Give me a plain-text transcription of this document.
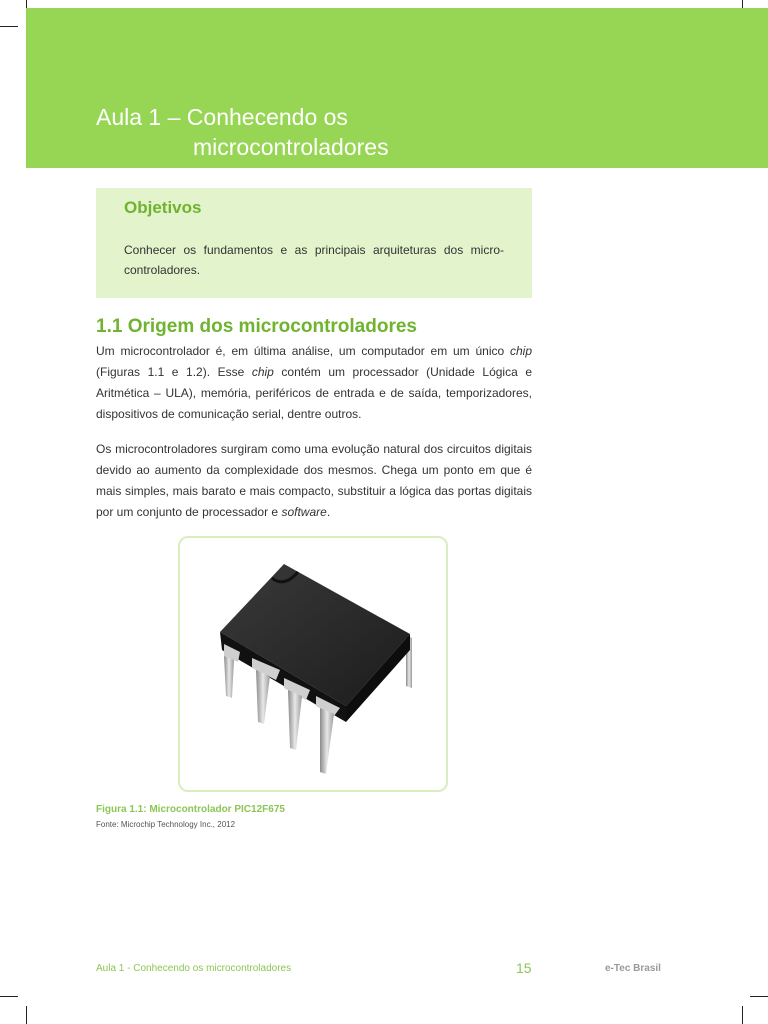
Aula 1 – Conhecendo os
microcontroladores
Objetivos

Conhecer os fundamentos e as principais arquiteturas dos micro-controladores.

1.1 Origem dos microcontroladores

Um microcontrolador é, em última análise, um computador em um único chip (Figuras 1.1 e 1.2). Esse chip contém um processador (Unidade Lógica e Aritmética – ULA), memória, periféricos de entrada e de saída, temporizadores, dispositivos de comunicação serial, dentre outros.

Os microcontroladores surgiram como uma evolução natural dos circuitos digitais devido ao aumento da complexidade dos mesmos. Chega um ponto em que é mais simples, mais barato e mais compacto, substituir a lógica das portas digitais por um conjunto de processador e software.

Figura 1.1: Microcontrolador PIC12F675

Fonte: Microchip Technology Inc., 2012

Aula 1 - Conhecendo os microcontroladores	15	e-Tec Brasil
